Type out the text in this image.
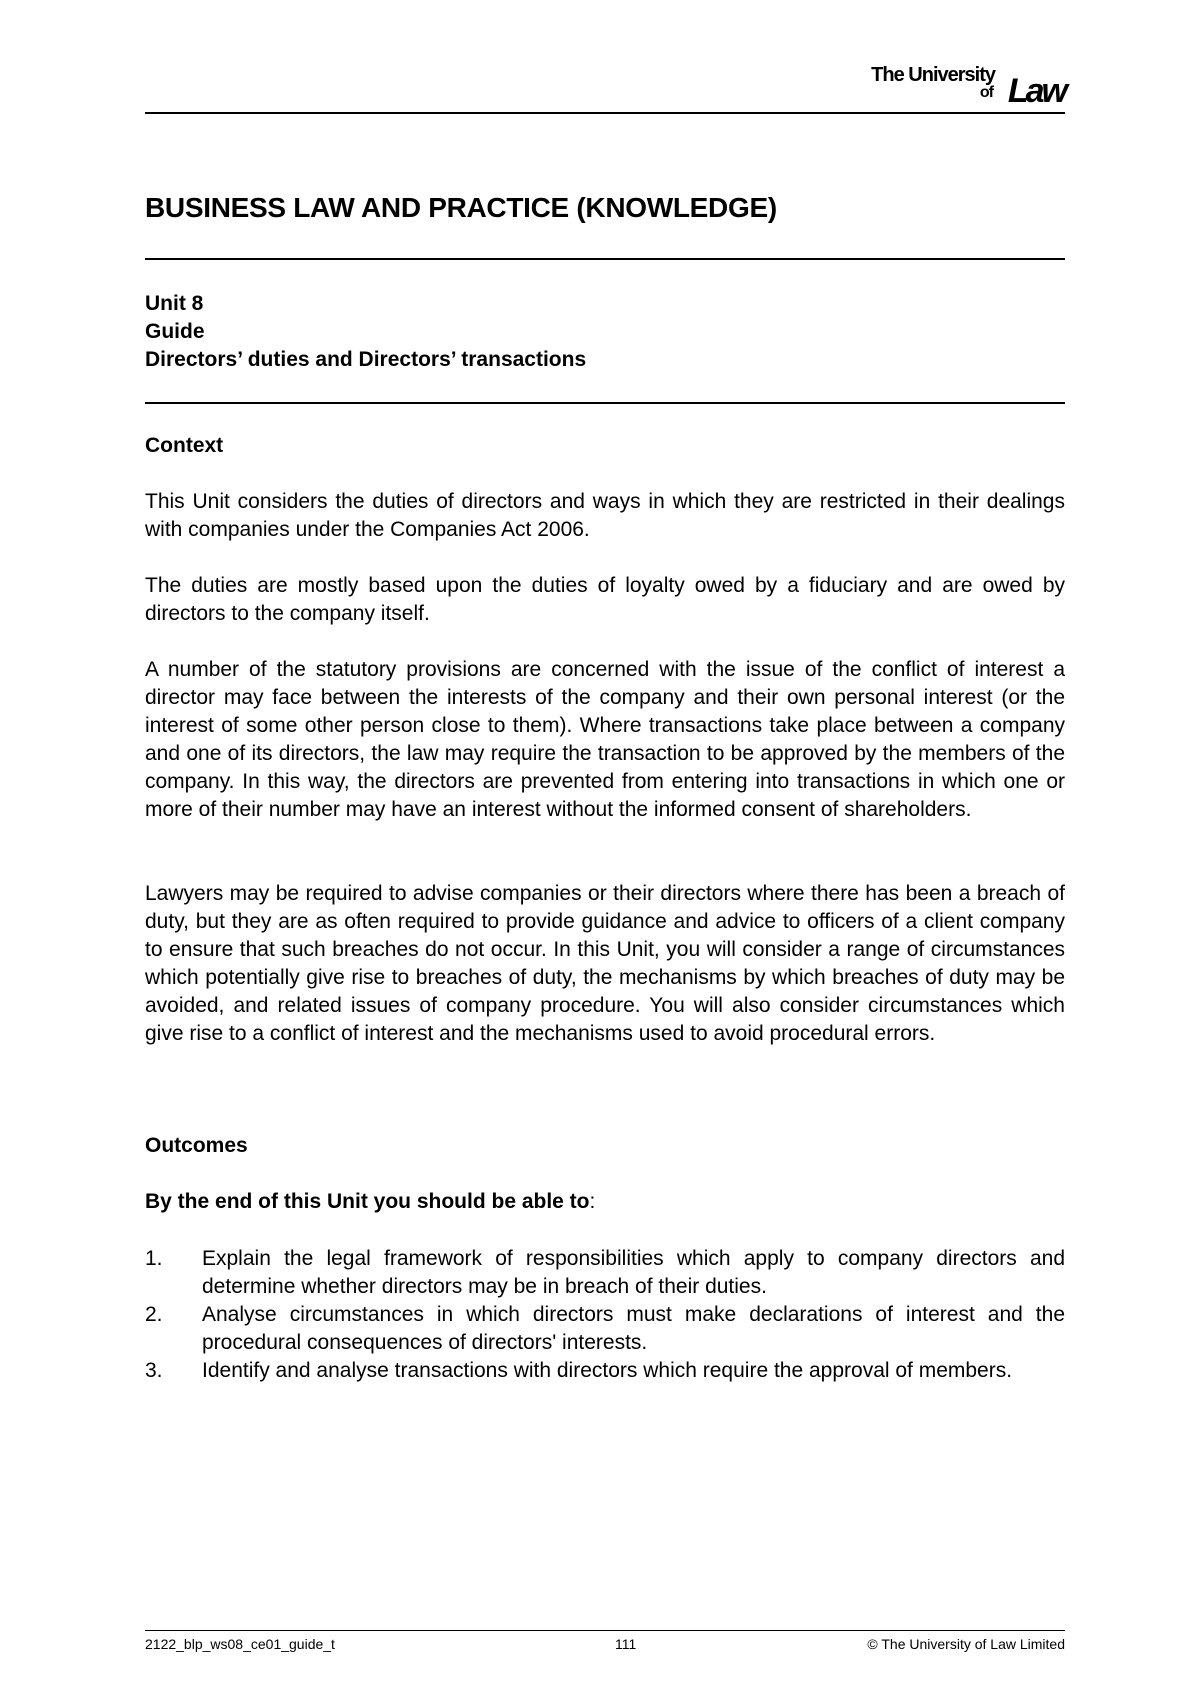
The University
of Law
BUSINESS LAW AND PRACTICE (KNOWLEDGE)
Unit 8
Guide
Directors’ duties and Directors’ transactions
Context
This Unit considers the duties of directors and ways in which they are restricted in their dealings with companies under the Companies Act 2006.
The duties are mostly based upon the duties of loyalty owed by a fiduciary and are owed by directors to the company itself.
A number of the statutory provisions are concerned with the issue of the conflict of interest a director may face between the interests of the company and their own personal interest (or the interest of some other person close to them). Where transactions take place between a company and one of its directors, the law may require the transaction to be approved by the members of the company. In this way, the directors are prevented from entering into transactions in which one or more of their number may have an interest without the informed consent of shareholders.
Lawyers may be required to advise companies or their directors where there has been a breach of duty, but they are as often required to provide guidance and advice to officers of a client company to ensure that such breaches do not occur. In this Unit, you will consider a range of circumstances which potentially give rise to breaches of duty, the mechanisms by which breaches of duty may be avoided, and related issues of company procedure. You will also consider circumstances which give rise to a conflict of interest and the mechanisms used to avoid procedural errors.
Outcomes
By the end of this Unit you should be able to:
1. Explain the legal framework of responsibilities which apply to company directors and determine whether directors may be in breach of their duties.
2. Analyse circumstances in which directors must make declarations of interest and the procedural consequences of directors' interests.
3. Identify and analyse transactions with directors which require the approval of members.
2122_blp_ws08_ce01_guide_t	111	© The University of Law Limited
